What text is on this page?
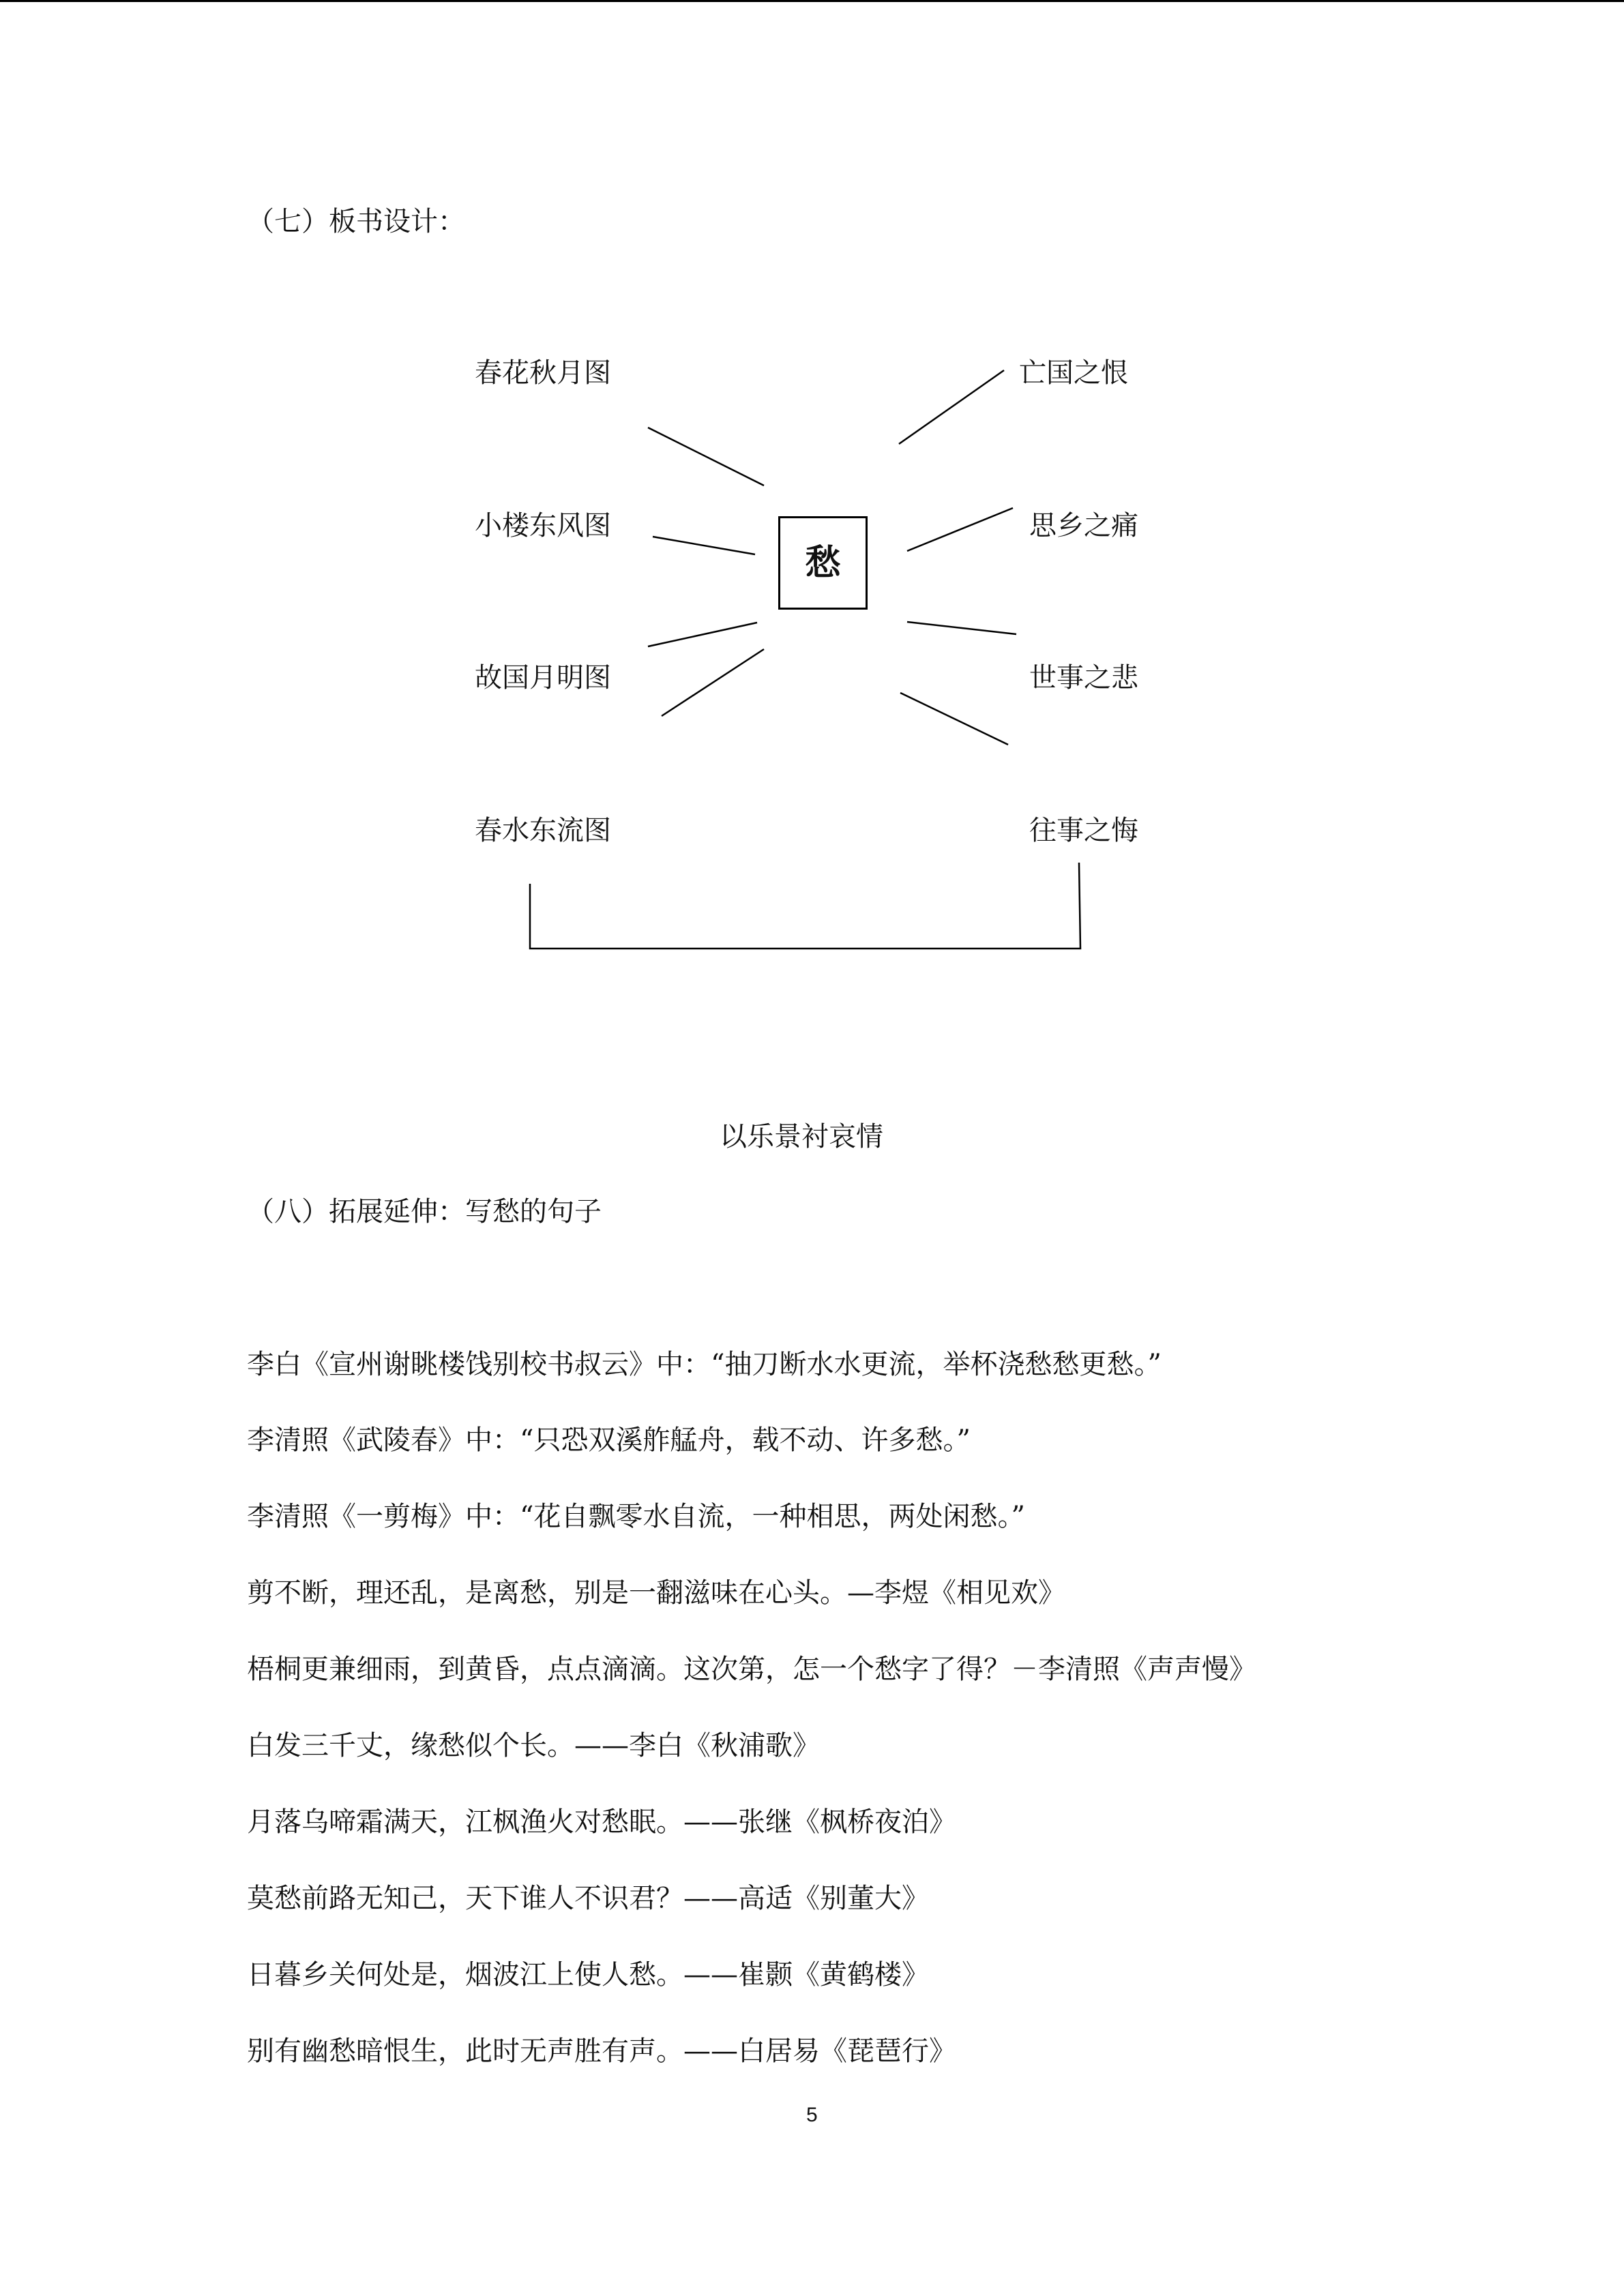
（七）板书设计：
愁
春花秋月图
小楼东风图
故国月明图
春水东流图
亡国之恨
思乡之痛
世事之悲
往事之悔
以乐景衬哀情
（八）拓展延伸：写愁的句子
李白《宣州谢眺楼饯别校书叔云》中：“抽刀断水水更流，举杯浇愁愁更愁。”
李清照《武陵春》中：“只恐双溪舴艋舟，载不动、许多愁。”
李清照《一剪梅》中：“花自飘零水自流，一种相思，两处闲愁。”
剪不断，理还乱，是离愁，别是一翻滋味在心头。—李煜《相见欢》
梧桐更兼细雨，到黄昏，点点滴滴。这次第，怎一个愁字了得？－李清照《声声慢》
白发三千丈，缘愁似个长。——李白《秋浦歌》
月落乌啼霜满天，江枫渔火对愁眠。——张继《枫桥夜泊》
莫愁前路无知己，天下谁人不识君？——高适《别董大》
日暮乡关何处是，烟波江上使人愁。——崔颢《黄鹤楼》
别有幽愁暗恨生，此时无声胜有声。——白居易《琵琶行》
5
